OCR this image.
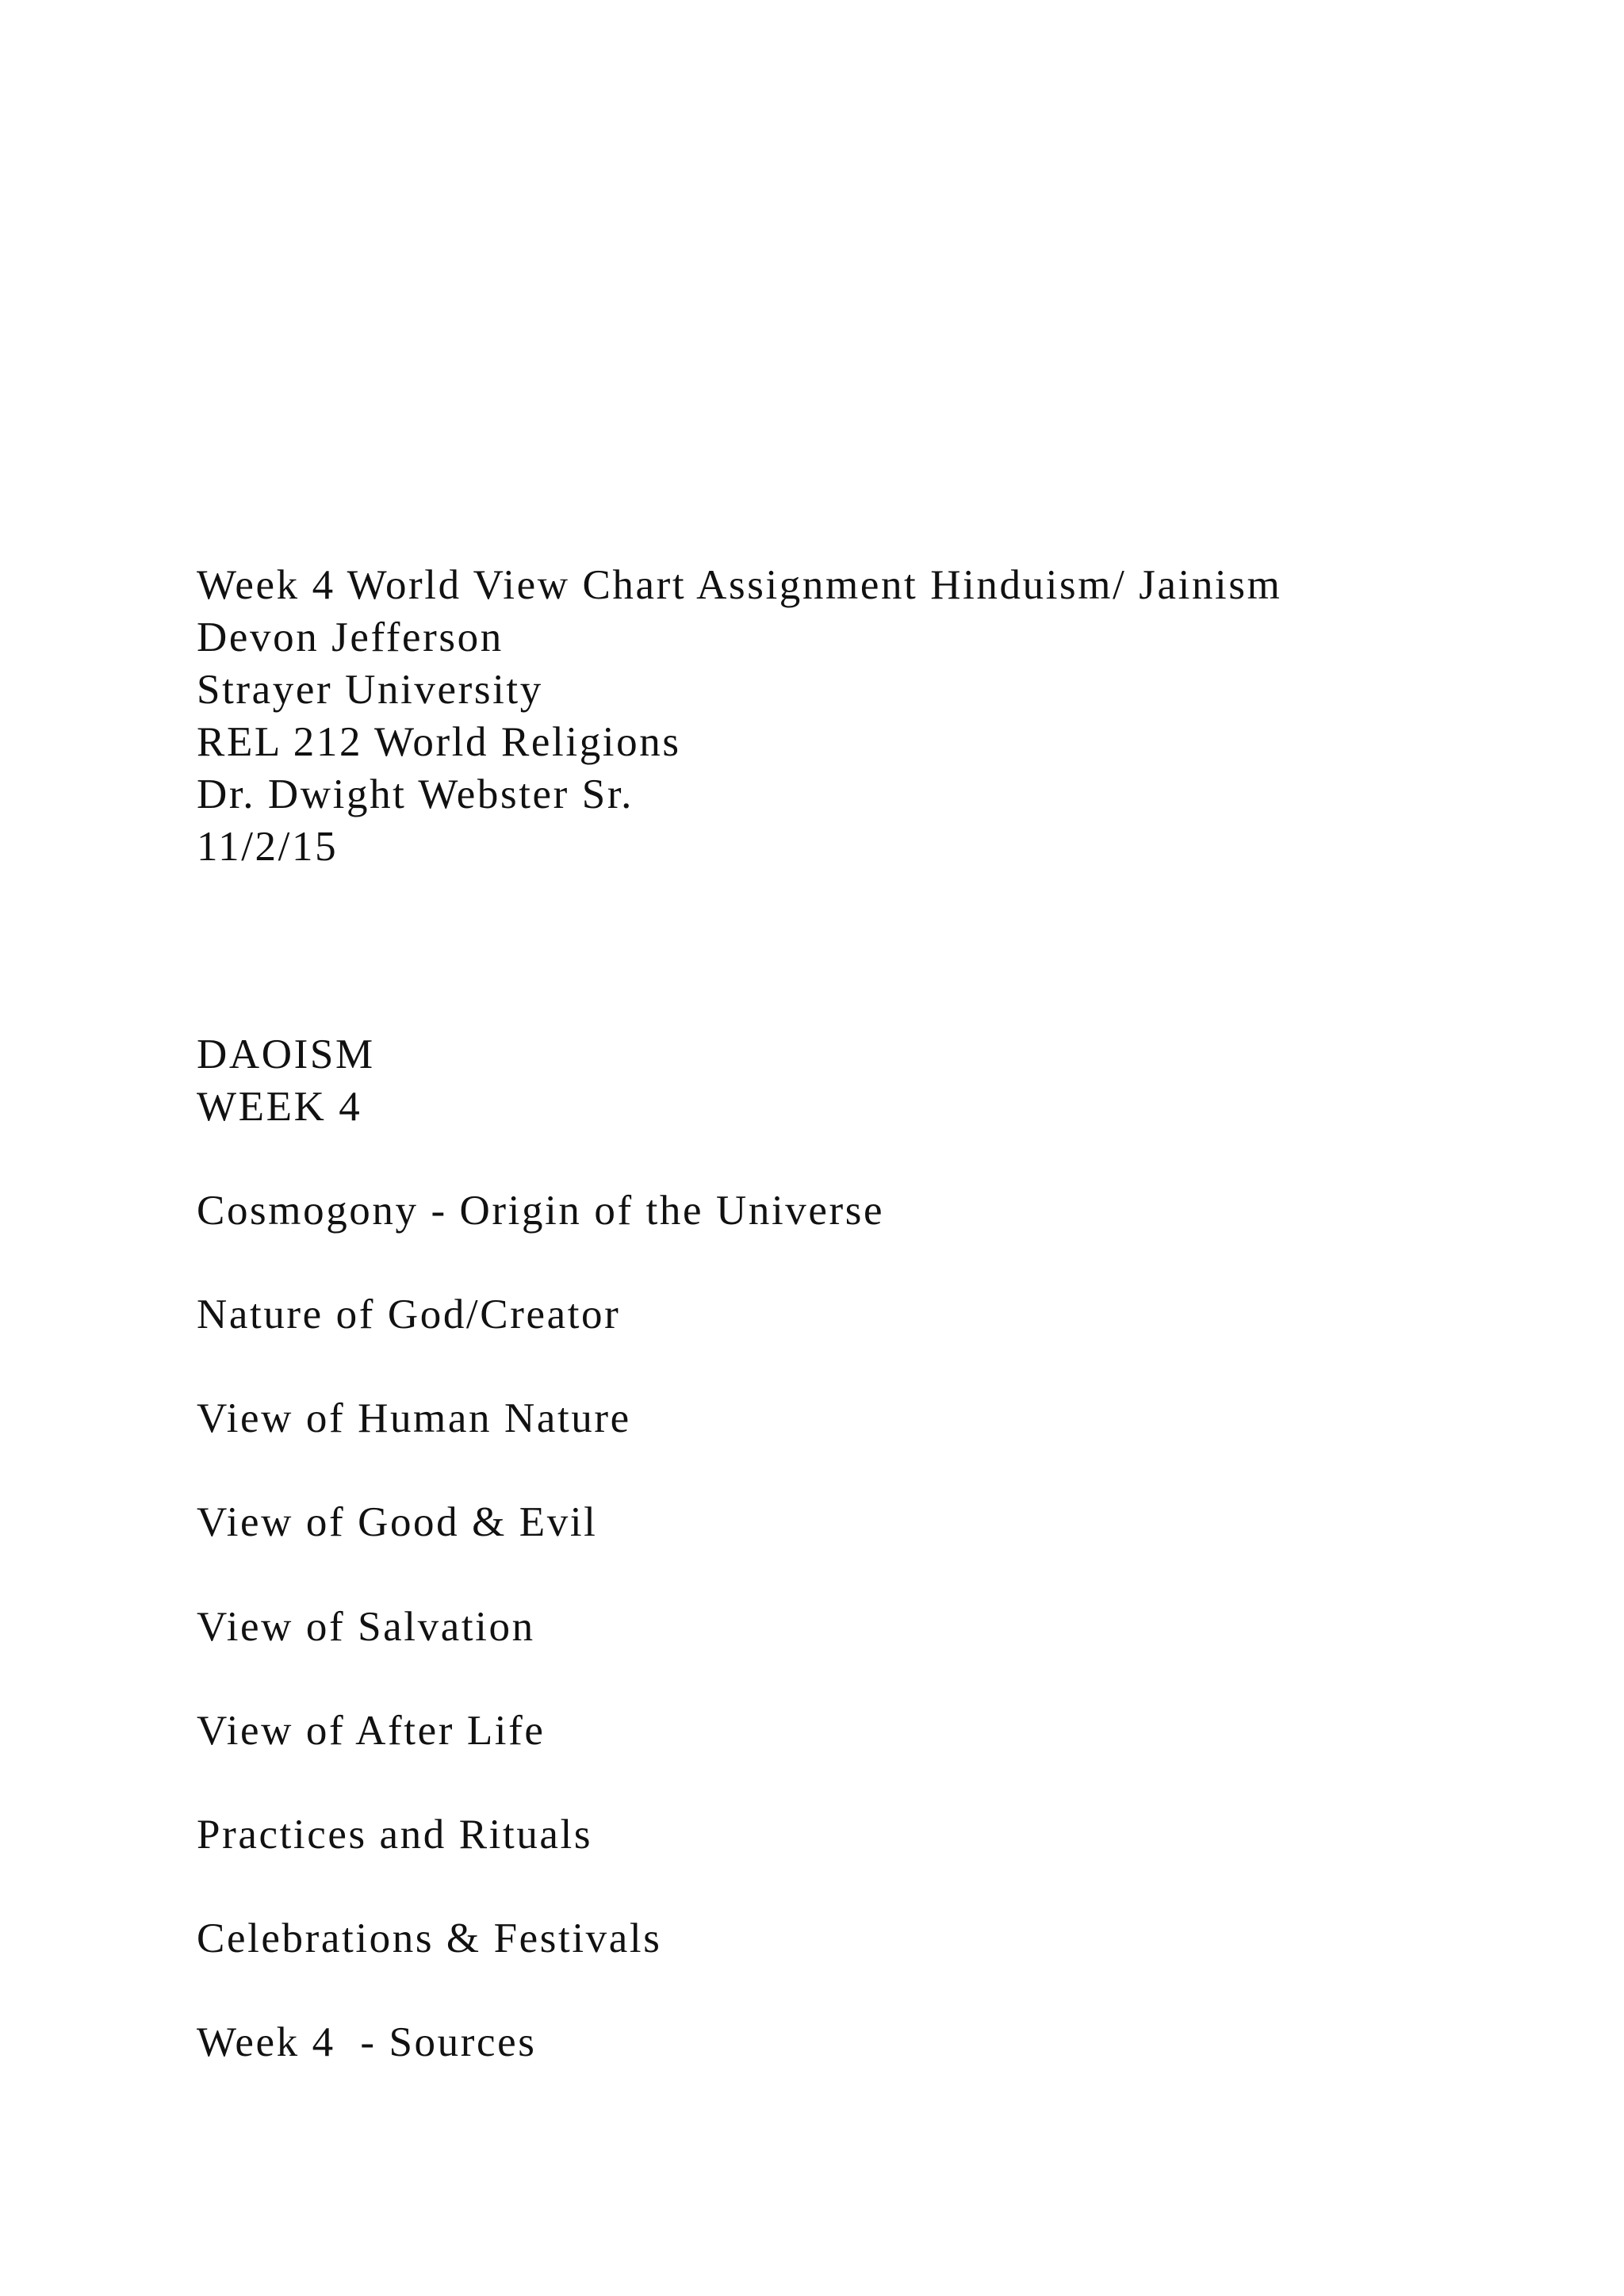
Week 4 World View Chart Assignment Hinduism/ Jainism
Devon Jefferson
Strayer University
REL 212 World Religions
Dr. Dwight Webster Sr.
11/2/15
DAOISM
WEEK 4
Cosmogony - Origin of the Universe
Nature of God/Creator
View of Human Nature
View of Good & Evil
View of Salvation
View of After Life
Practices and Rituals
Celebrations & Festivals
Week 4  - Sources
